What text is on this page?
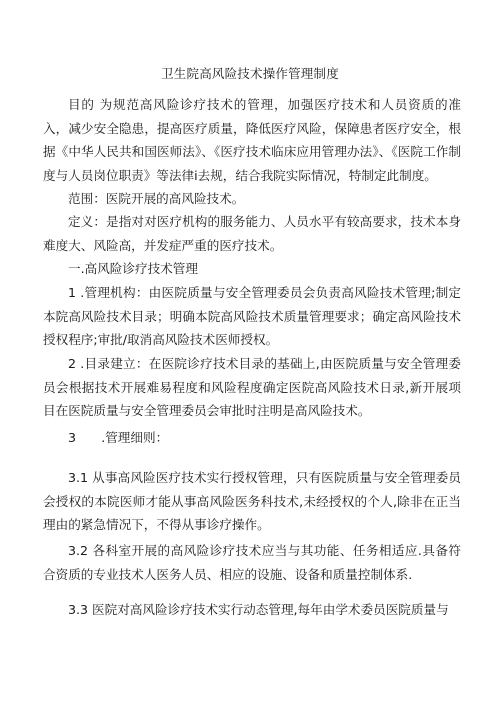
卫生院高风险技术操作管理制度

目的 为规范高风险诊疗技术的管理，加强医疗技术和人员资质的准入，减少安全隐患，提高医疗质量，降低医疗风险，保障患者医疗安全，根据《中华人民共和国医师法》、《医疗技术临床应用管理办法》、《医院工作制度与人员岗位职责》等法律i去规，结合我院实际情况，特制定此制度。

范围：医院开展的高风险技术。

定义：是指对对医疗机构的服务能力、人员水平有较高要求，技术本身难度大、风险高，并发症严重的医疗技术。

一.高风险诊疗技术管理

1 .管理机构：由医院质量与安全管理委员会负责高风险技术管理;制定本院高风险技术目录；明确本院高风险技术质量管理要求；确定高风险技术授权程序;审批/取消高风险技术医师授权。

2 .目录建立：在医院诊疗技术目录的基础上,由医院质量与安全管理委员会根据技术开展难易程度和风险程度确定医院高风险技术日录,新开展项目在医院质量与安全管理委员会审批时注明是高风险技术。

3　　.管理细则：

3.1 从事高风险医疗技术实行授权管理，只有医院质量与安全管理委员会授权的本院医师才能从事高风险医务科技术,未经授权的个人,除非在正当理由的紧急情况下，不得从事诊疗操作。

3.2 各科室开展的高风险诊疗技术应当与其功能、任务相适应.具备符合资质的专业技术人医务人员、相应的设施、设备和质量控制体系.

3.3 医院对高风险诊疗技术实行动态管理,每年由学术委员医院质量与
